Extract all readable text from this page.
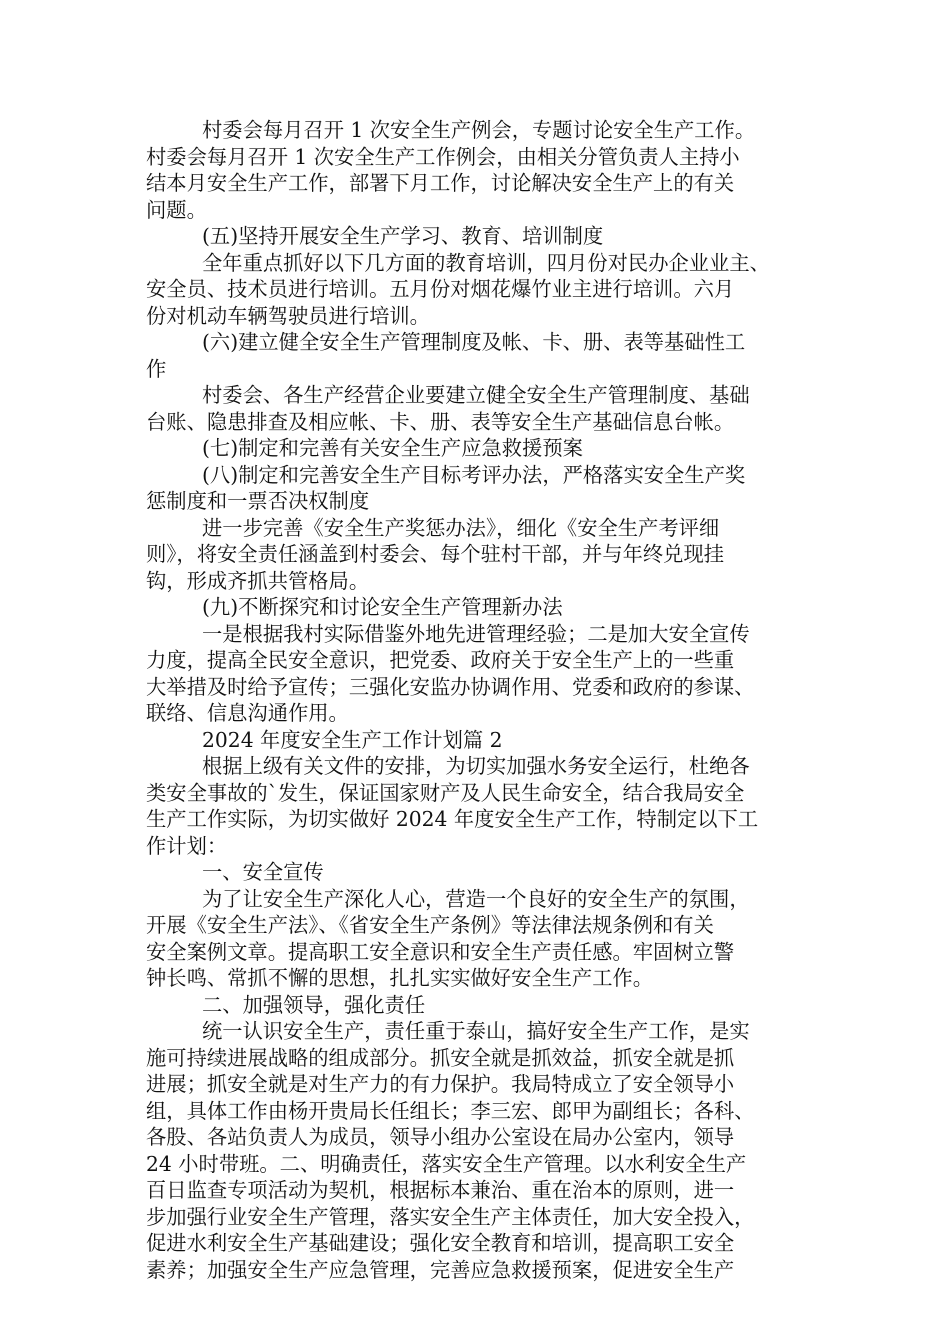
村委会每月召开 1 次安全生产例会，专题讨论安全生产工作。

村委会每月召开 1 次安全生产工作例会，由相关分管负责人主持小

结本月安全生产工作，部署下月工作，讨论解决安全生产上的有关

问题。

(五)坚持开展安全生产学习、教育、培训制度

全年重点抓好以下几方面的教育培训，四月份对民办企业业主、

安全员、技术员进行培训。五月份对烟花爆竹业主进行培训。六月

份对机动车辆驾驶员进行培训。

(六)建立健全安全生产管理制度及帐、卡、册、表等基础性工

作

村委会、各生产经营企业要建立健全安全生产管理制度、基础

台账、隐患排查及相应帐、卡、册、表等安全生产基础信息台帐。

(七)制定和完善有关安全生产应急救援预案

(八)制定和完善安全生产目标考评办法，严格落实安全生产奖

惩制度和一票否决权制度

进一步完善《安全生产奖惩办法》，细化《安全生产考评细

则》，将安全责任涵盖到村委会、每个驻村干部，并与年终兑现挂

钩，形成齐抓共管格局。

(九)不断探究和讨论安全生产管理新办法

一是根据我村实际借鉴外地先进管理经验；二是加大安全宣传

力度，提高全民安全意识，把党委、政府关于安全生产上的一些重

大举措及时给予宣传；三强化安监办协调作用、党委和政府的参谋、

联络、信息沟通作用。

2024 年度安全生产工作计划篇 2

根据上级有关文件的安排，为切实加强水务安全运行，杜绝各

类安全事故的`发生，保证国家财产及人民生命安全，结合我局安全

生产工作实际，为切实做好 2024 年度安全生产工作，特制定以下工

作计划：

一、安全宣传

为了让安全生产深化人心，营造一个良好的安全生产的氛围，

开展《安全生产法》、《省安全生产条例》等法律法规条例和有关

安全案例文章。提高职工安全意识和安全生产责任感。牢固树立警

钟长鸣、常抓不懈的思想，扎扎实实做好安全生产工作。

二、加强领导，强化责任

统一认识安全生产，责任重于泰山，搞好安全生产工作，是实

施可持续进展战略的组成部分。抓安全就是抓效益，抓安全就是抓

进展；抓安全就是对生产力的有力保护。我局特成立了安全领导小

组，具体工作由杨开贵局长任组长；李三宏、郎甲为副组长；各科、

各股、各站负责人为成员，领导小组办公室设在局办公室内，领导

24 小时带班。二、明确责任，落实安全生产管理。以水利安全生产

百日监查专项活动为契机，根据标本兼治、重在治本的原则，进一

步加强行业安全生产管理，落实安全生产主体责任，加大安全投入，

促进水利安全生产基础建设；强化安全教育和培训，提高职工安全

素养；加强安全生产应急管理，完善应急救援预案，促进安全生产
